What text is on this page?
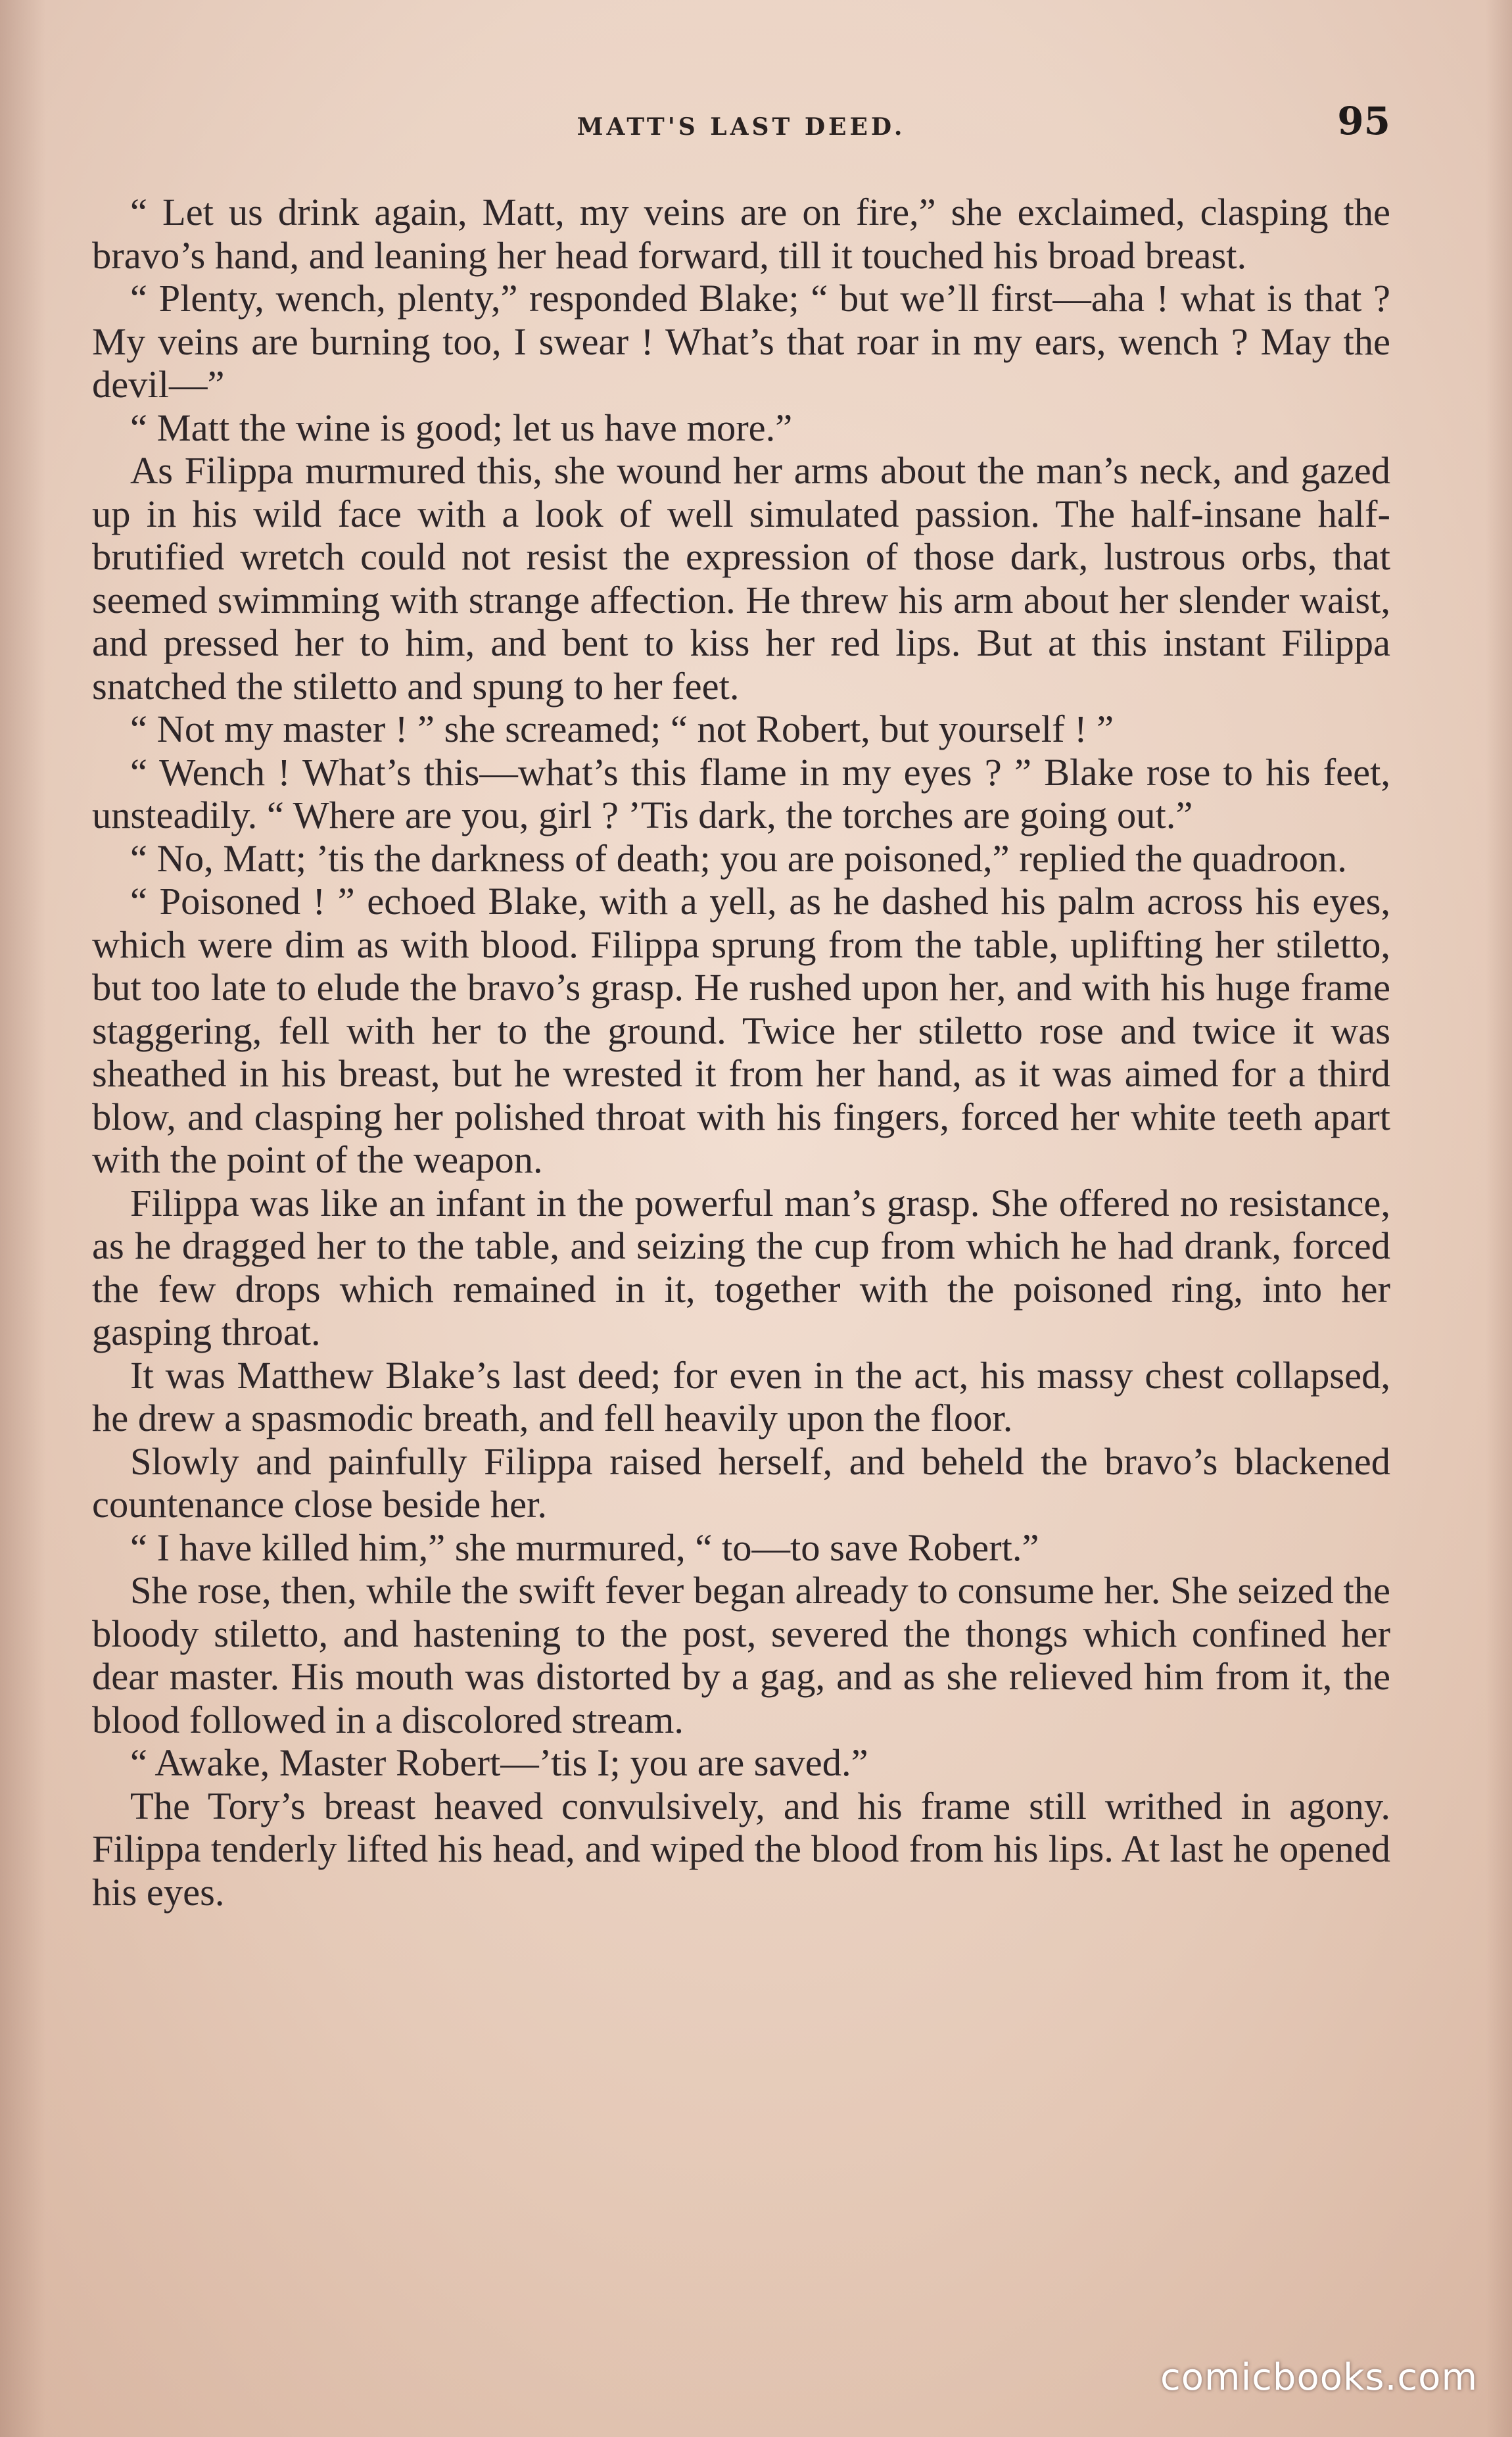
MATT'S LAST DEED.	95

“ Let us drink again, Matt, my veins are on fire,” she exclaimed, clasping the bravo’s hand, and leaning her head forward, till it touched his broad breast.

“ Plenty, wench, plenty,” responded Blake; “ but we’ll first—aha ! what is that ? My veins are burning too, I swear ! What’s that roar in my ears, wench ? May the devil—”

“ Matt the wine is good; let us have more.”

As Filippa murmured this, she wound her arms about the man’s neck, and gazed up in his wild face with a look of well simulated passion. The half-insane half-brutified wretch could not resist the expression of those dark, lustrous orbs, that seemed swimming with strange affection. He threw his arm about her slender waist, and pressed her to him, and bent to kiss her red lips. But at this instant Filippa snatched the stiletto and spung to her feet.

“ Not my master ! ” she screamed; “ not Robert, but yourself ! ”

“ Wench ! What’s this—what’s this flame in my eyes ? ” Blake rose to his feet, unsteadily. “ Where are you, girl ? ’Tis dark, the torches are going out.”

“ No, Matt; ’tis the darkness of death; you are poisoned,” replied the quadroon.

“ Poisoned ! ” echoed Blake, with a yell, as he dashed his palm across his eyes, which were dim as with blood. Filippa sprung from the table, uplifting her stiletto, but too late to elude the bravo’s grasp. He rushed upon her, and with his huge frame staggering, fell with her to the ground. Twice her stiletto rose and twice it was sheathed in his breast, but he wrested it from her hand, as it was aimed for a third blow, and clasping her polished throat with his fingers, forced her white teeth apart with the point of the weapon.

Filippa was like an infant in the powerful man’s grasp. She offered no resistance, as he dragged her to the table, and seizing the cup from which he had drank, forced the few drops which remained in it, together with the poisoned ring, into her gasping throat.

It was Matthew Blake’s last deed; for even in the act, his massy chest collapsed, he drew a spasmodic breath, and fell heavily upon the floor.

Slowly and painfully Filippa raised herself, and beheld the bravo’s blackened countenance close beside her.

“ I have killed him,” she murmured, “ to—to save Robert.”

She rose, then, while the swift fever began already to consume her. She seized the bloody stiletto, and hastening to the post, severed the thongs which confined her dear master. His mouth was distorted by a gag, and as she relieved him from it, the blood followed in a discolored stream.

“ Awake, Master Robert—’tis I; you are saved.”

The Tory’s breast heaved convulsively, and his frame still writhed in agony. Filippa tenderly lifted his head, and wiped the blood from his lips. At last he opened his eyes.

comicbooks.com
